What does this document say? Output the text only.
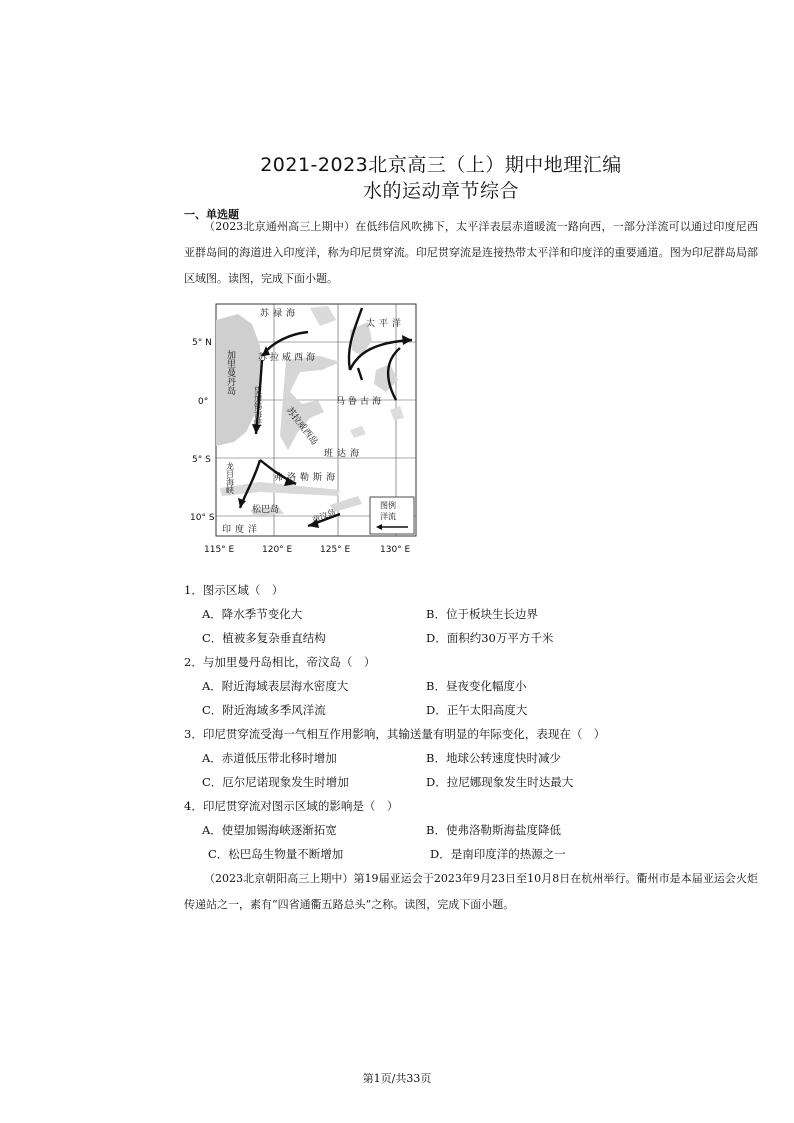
2021-2023北京高三（上）期中地理汇编
水的运动章节综合
一、单选题
（2023北京通州高三上期中）在低纬信风吹拂下，太平洋表层赤道暖流一路向西，一部分洋流可以通过印度尼西亚群岛间的海道进入印度洋，称为印尼贯穿流。印尼贯穿流是连接热带太平洋和印度洋的重要通道。图为印尼群岛局部区域图。读图，完成下面小题。
图例
洋流
苏禄海
太平洋
苏拉威西海
马鲁古海
班达海
弗洛勒斯海
松巴岛
印度洋
帝汶岛
加里曼丹岛
望加锡海峡 苏拉威西岛
龙目海峡
5° N
0°
5° S
10° S
115° E	120° E	125° E	130° E
1．图示区域（　）
A．降水季节变化大	B．位于板块生长边界
C．植被多复杂垂直结构	D．面积约30万平方千米
2．与加里曼丹岛相比，帝汶岛（　）
A．附近海域表层海水密度大	B．昼夜变化幅度小
C．附近海域多季风洋流	D．正午太阳高度大
3．印尼贯穿流受海一气相互作用影响，其输送量有明显的年际变化，表现在（　）
A．赤道低压带北移时增加	B．地球公转速度快时减少
C．厄尔尼诺现象发生时增加	D．拉尼娜现象发生时达最大
4．印尼贯穿流对图示区域的影响是（　）
A．使望加锡海峡逐渐拓宽	B．使弗洛勒斯海盐度降低
C．松巴岛生物量不断增加	D．是南印度洋的热源之一
（2023北京朝阳高三上期中）第19届亚运会于2023年9月23日至10月8日在杭州举行。衢州市是本届亚运会火炬传递站之一，素有“四省通衢五路总头”之称。读图，完成下面小题。
第1页/共33页
